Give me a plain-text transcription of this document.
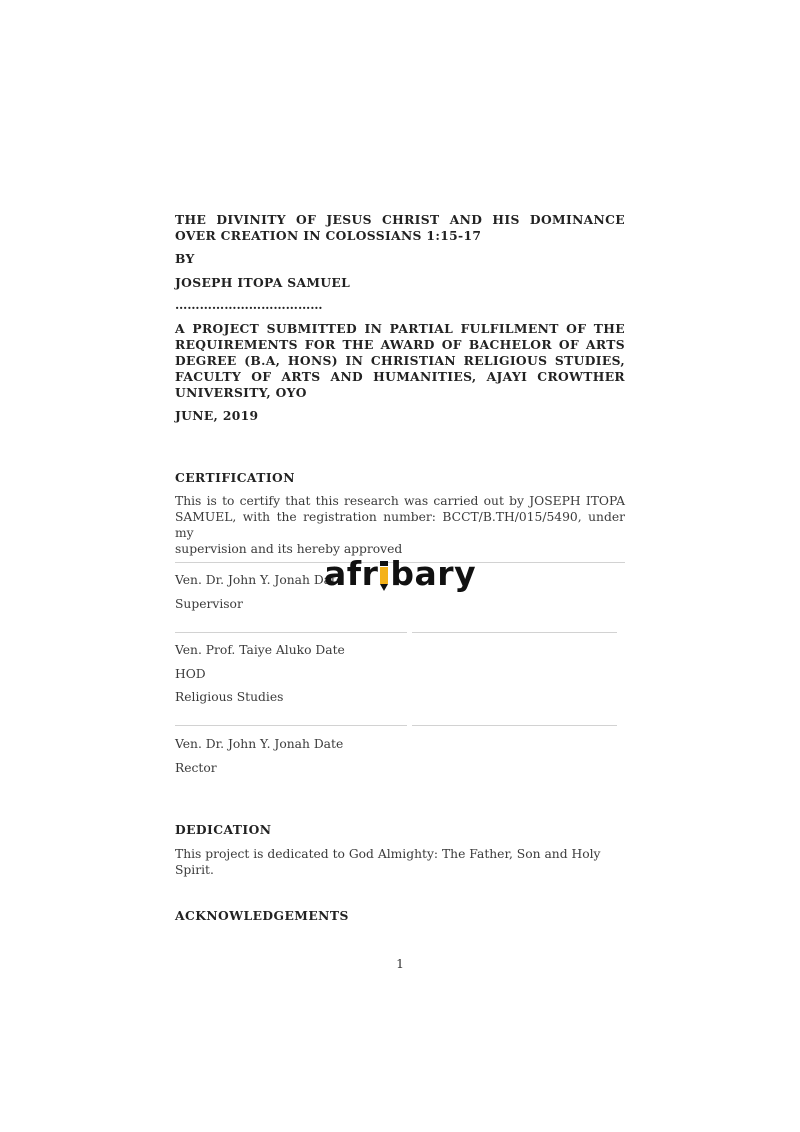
THE DIVINITY OF JESUS CHRIST AND HIS DOMINANCE
OVER CREATION IN COLOSSIANS 1:15-17
BY
JOSEPH ITOPA SAMUEL
………………………………
A PROJECT SUBMITTED IN PARTIAL FULFILMENT OF THE
REQUIREMENTS FOR THE AWARD OF BACHELOR OF ARTS
DEGREE (B.A, HONS) IN CHRISTIAN RELIGIOUS STUDIES,
FACULTY OF ARTS AND HUMANITIES, AJAYI CROWTHER
UNIVERSITY, OYO
JUNE, 2019
CERTIFICATION
This is to certify that this research was carried out by JOSEPH ITOPA
SAMUEL, with the registration number: BCCT/B.TH/015/5490, under my
supervision and its hereby approved
Ven. Dr. John Y. Jonah Date
Supervisor
Ven. Prof. Taiye Aluko Date
HOD
Religious Studies
Ven. Dr. John Y. Jonah Date
Rector
DEDICATION
This project is dedicated to God Almighty: The Father, Son and Holy Spirit.
ACKNOWLEDGEMENTS
afr bary
1
